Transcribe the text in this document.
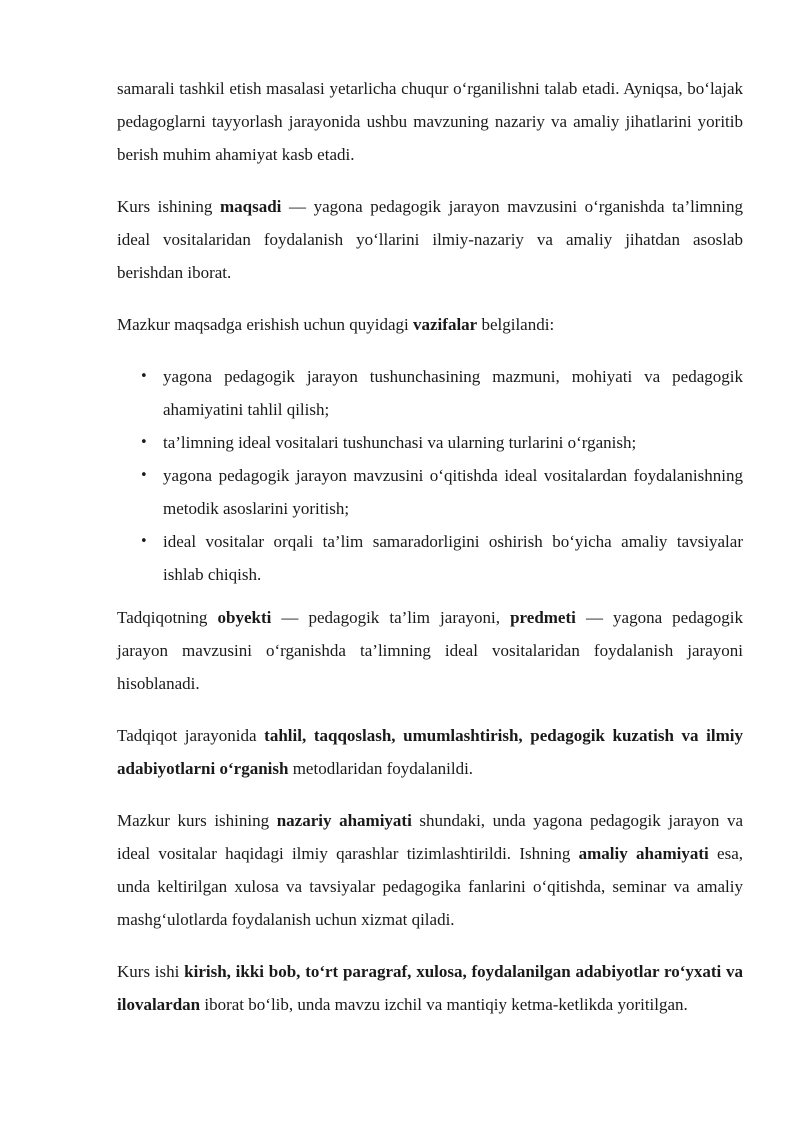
samarali tashkil etish masalasi yetarlicha chuqur o‘rganilishni talab etadi. Ayniqsa, bo‘lajak pedagoglarni tayyorlash jarayonida ushbu mavzuning nazariy va amaliy jihatlarini yoritib berish muhim ahamiyat kasb etadi.

Kurs ishining maqsadi — yagona pedagogik jarayon mavzusini o‘rganishda ta’limning ideal vositalaridan foydalanish yo‘llarini ilmiy-nazariy va amaliy jihatdan asoslab berishdan iborat.

Mazkur maqsadga erishish uchun quyidagi vazifalar belgilandi:

• yagona pedagogik jarayon tushunchasining mazmuni, mohiyati va pedagogik ahamiyatini tahlil qilish;
• ta’limning ideal vositalari tushunchasi va ularning turlarini o‘rganish;
• yagona pedagogik jarayon mavzusini o‘qitishda ideal vositalardan foydalanishning metodik asoslarini yoritish;
• ideal vositalar orqali ta’lim samaradorligini oshirish bo‘yicha amaliy tavsiyalar ishlab chiqish.

Tadqiqotning obyekti — pedagogik ta’lim jarayoni, predmeti — yagona pedagogik jarayon mavzusini o‘rganishda ta’limning ideal vositalaridan foydalanish jarayoni hisoblanadi.

Tadqiqot jarayonida tahlil, taqqoslash, umumlashtirish, pedagogik kuzatish va ilmiy adabiyotlarni o‘rganish metodlaridan foydalanildi.

Mazkur kurs ishining nazariy ahamiyati shundaki, unda yagona pedagogik jarayon va ideal vositalar haqidagi ilmiy qarashlar tizimlashtirildi. Ishning amaliy ahamiyati esa, unda keltirilgan xulosa va tavsiyalar pedagogika fanlarini o‘qitishda, seminar va amaliy mashg‘ulotlarda foydalanish uchun xizmat qiladi.

Kurs ishi kirish, ikki bob, to‘rt paragraf, xulosa, foydalanilgan adabiyotlar ro‘yxati va ilovalardan iborat bo‘lib, unda mavzu izchil va mantiqiy ketma-ketlikda yoritilgan.
